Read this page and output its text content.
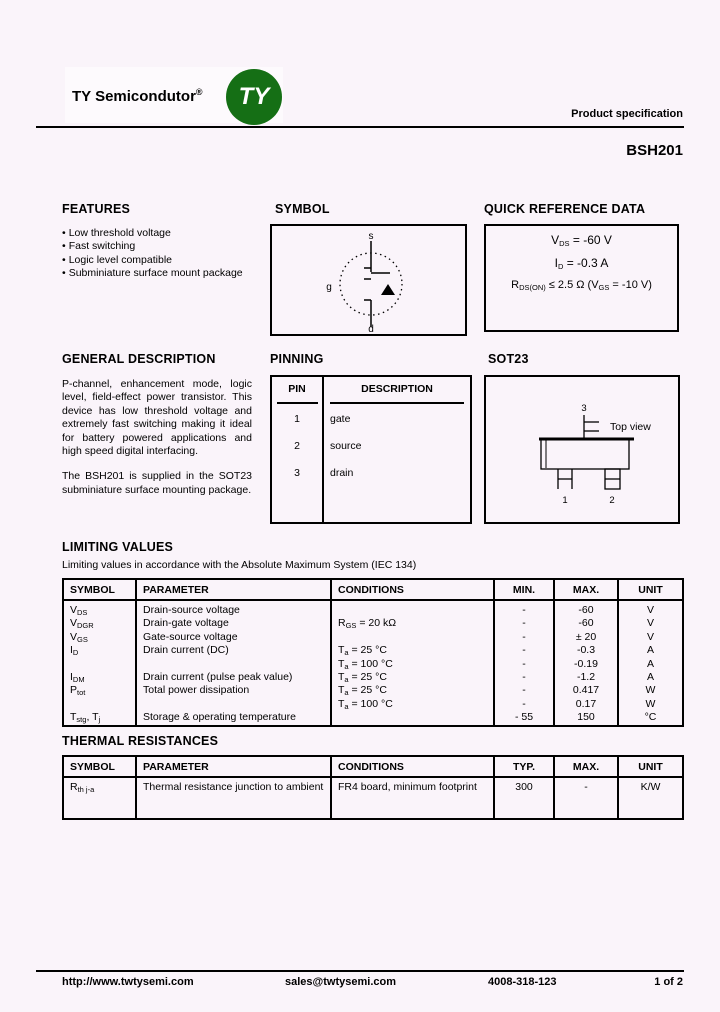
TY Semicondutor®	TY
Product specification
BSH201
FEATURES
• Low threshold voltage
• Fast switching
• Logic level compatible
• Subminiature surface mount package
SYMBOL
s
g
d
QUICK REFERENCE DATA
$V_{DS} = -60$ V
$I_D = -0.3$ A
$R_{DS(ON)} \le 2.5$ Ω ($V_{GS} = -10$ V)
GENERAL DESCRIPTION

P-channel, enhancement mode, logic level, field-effect power transistor. This device has low threshold voltage and extremely fast switching making it ideal for battery powered applications and high speed digital interfacing.

The BSH201 is supplied in the SOT23 subminiature surface mounting package.

PINNING
PIN	DESCRIPTION
1	gate
2	source
3	drain
SOT23
3
Top view
1	2
LIMITING VALUES
Limiting values in accordance with the Absolute Maximum System (IEC 134)
SYMBOL	PARAMETER	CONDITIONS	MIN.	MAX.	UNIT
$V_{DS}$	Drain-source voltage		-	-60	V
$V_{DGR}$	Drain-gate voltage	$R_{GS} = 20$ kΩ	-	-60	V
$V_{GS}$	Gate-source voltage		-	± 20	V
$I_D$	Drain current (DC)	$T_a = 25$ °C	-	-0.3	A
		$T_a = 100$ °C	-	-0.19	A
$I_{DM}$	Drain current (pulse peak value)	$T_a = 25$ °C	-	-1.2	A
$P_{tot}$	Total power dissipation	$T_a = 25$ °C	-	0.417	W
		$T_a = 100$ °C	-	0.17	W
$T_{stg}$, $T_j$	Storage & operating temperature		- 55	150	°C
THERMAL RESISTANCES
SYMBOL	PARAMETER	CONDITIONS	TYP.	MAX.	UNIT
$R_{th j-a}$	Thermal resistance junction to ambient	FR4 board, minimum footprint	300	-	K/W
http://www.twtysemi.com	sales@twtysemi.com	4008-318-123	1 of 2
